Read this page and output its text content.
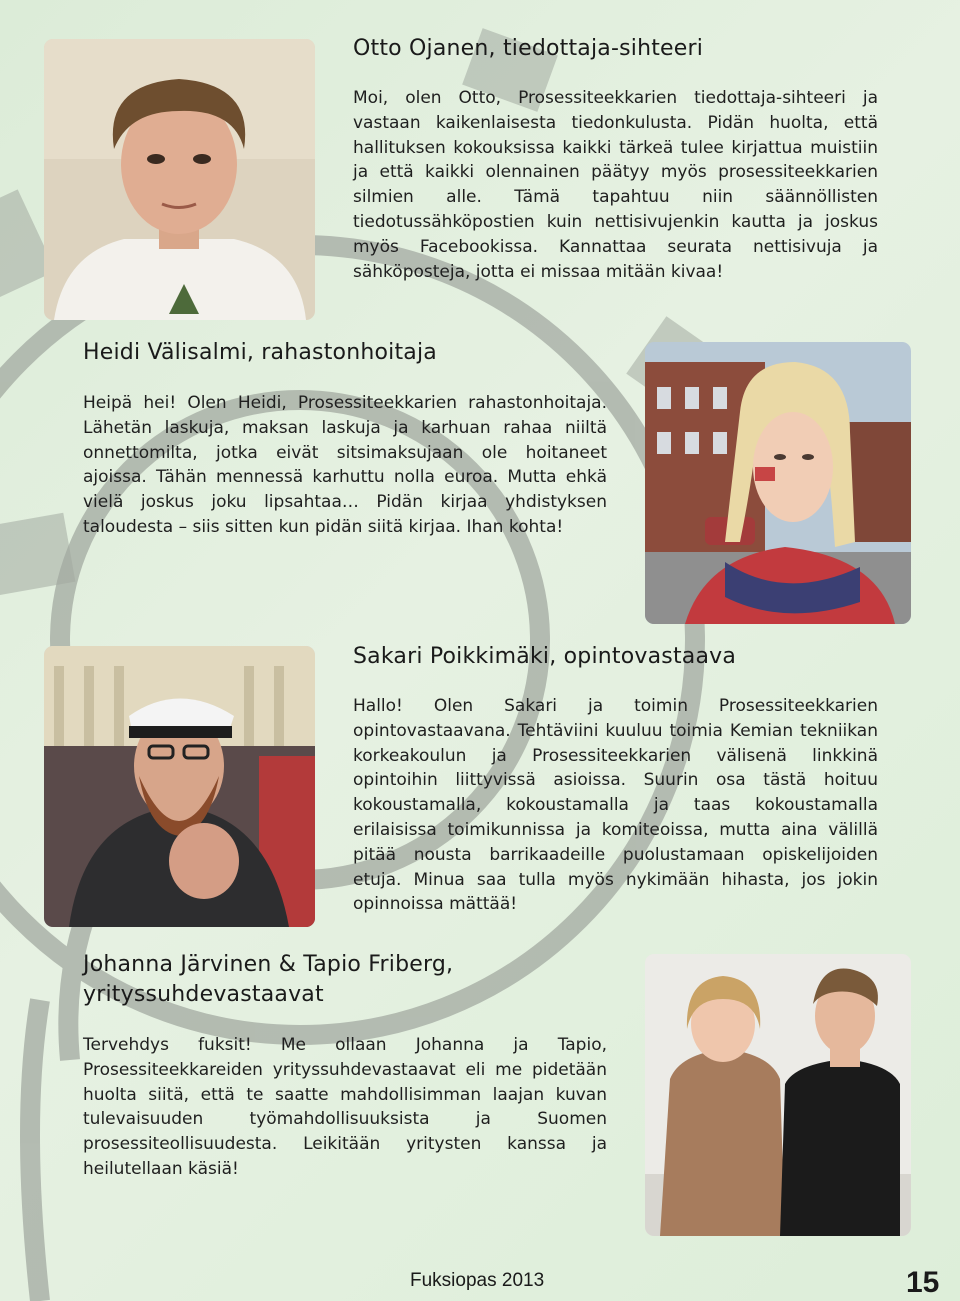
Otto Ojanen, tiedottaja-sihteeri

Moi, olen Otto, Prosessiteekkarien tiedottaja-sihteeri ja vastaan kaikenlaisesta tiedonkulusta. Pidän huolta, että hallituksen kokouksissa kaikki tärkeä tulee kirjattua muistiin ja että kaikki olennainen päätyy myös prosessiteekkarien silmien alle. Tämä tapahtuu niin säännöllisten tiedotussähköpostien kuin nettisivujenkin kautta ja joskus myös Facebookissa. Kannattaa seurata nettisivuja ja sähköposteja, jotta ei missaa mitään kivaa!

Heidi Välisalmi, rahastonhoitaja

Heipä hei! Olen Heidi, Prosessiteekkarien rahastonhoitaja. Lähetän laskuja, maksan laskuja ja karhuan rahaa niiltä onnettomilta, jotka eivät sitsimaksujaan ole hoitaneet ajoissa. Tähän mennessä karhuttu nolla euroa. Mutta ehkä vielä joskus joku lipsahtaa… Pidän kirjaa yhdistyksen taloudesta – siis sitten kun pidän siitä kirjaa. Ihan kohta!

Sakari Poikkimäki, opintovastaava

Hallo! Olen Sakari ja toimin Prosessiteekkarien opintovastaavana. Tehtäviini kuuluu toimia Kemian tekniikan korkeakoulun ja Prosessiteekkarien välisenä linkkinä opintoihin liittyvissä asioissa. Suurin osa tästä hoituu kokoustamalla, kokoustamalla ja taas kokoustamalla erilaisissa toimikunnissa ja komiteoissa, mutta aina välillä pitää nousta barrikaadeille puolustamaan opiskelijoiden etuja. Minua saa tulla myös nykimään hihasta, jos jokin opinnoissa mättää!

Johanna Järvinen & Tapio Friberg,
yrityssuhdevastaavat

Tervehdys fuksit! Me ollaan Johanna ja Tapio, Prosessiteekkareiden yrityssuhdevastaavat eli me pidetään huolta siitä, että te saatte mahdollisimman laajan kuvan tulevaisuuden työmahdollisuuksista ja Suomen prosessiteollisuudesta. Leikitään yritysten kanssa ja heilutellaan käsiä!

Fuksiopas 2013	15
